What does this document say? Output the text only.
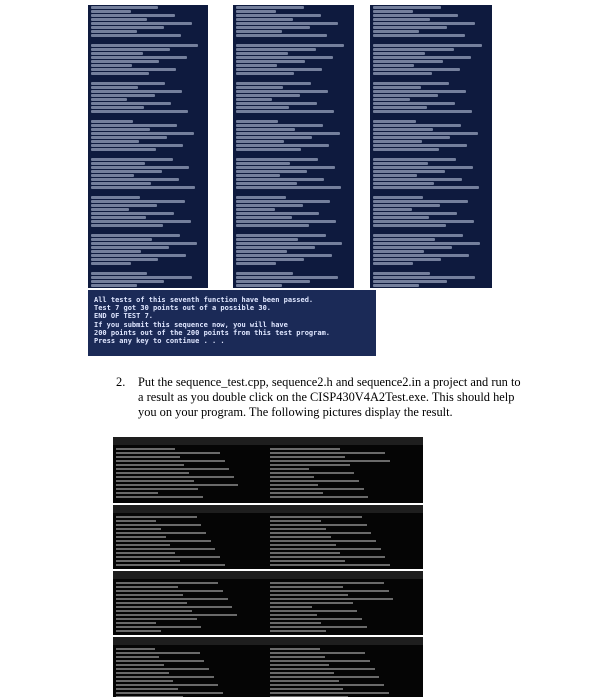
All tests of this seventh function have been passed.
Test 7 got 30 points out of a possible 30.
END OF TEST 7.
If you submit this sequence now, you will have
200 points out of the 200 points from this test program.
Press any key to continue . . .
2. Put the sequence_test.cpp, sequence2.h and sequence2.in a project and run to a result as you double click on the CISP430V4A2Test.exe. This should help you on your program. The following pictures display the result.
